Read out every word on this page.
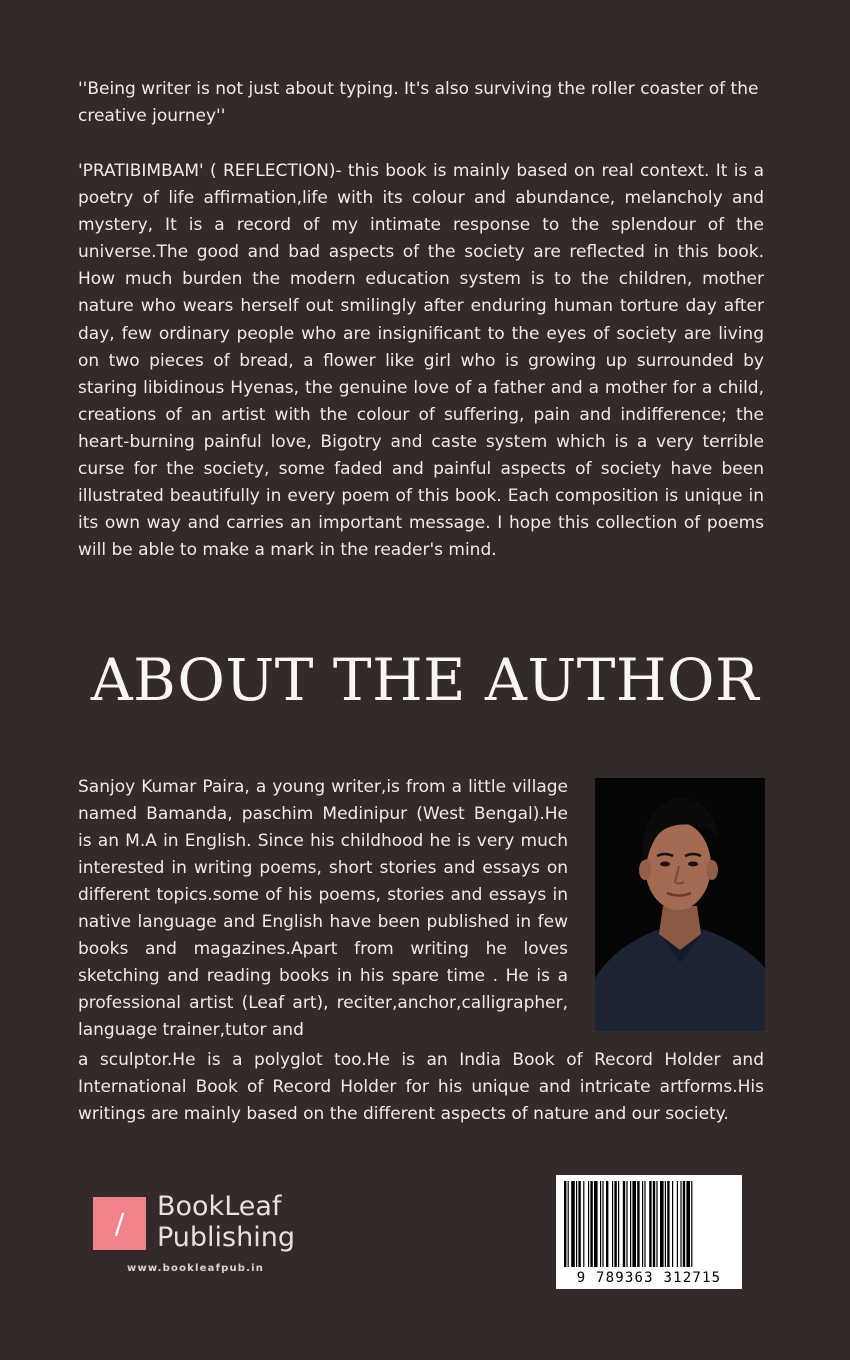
''Being writer is not just about typing. It's also surviving the roller coaster of the creative journey''

'PRATIBIMBAM' ( REFLECTION)- this book is mainly based on real context. It is a poetry of life affirmation,life with its colour and abundance, melancholy and mystery, It is a record of my intimate response to the splendour of the universe.The good and bad aspects of the society are reflected in this book. How much burden the modern education system is to the children, mother nature who wears herself out smilingly after enduring human torture day after day, few ordinary people who are insignificant to the eyes of society are living on two pieces of bread, a flower like girl who is growing up surrounded by staring libidinous Hyenas, the genuine love of a father and a mother for a child, creations of an artist with the colour of suffering, pain and indifference; the heart-burning painful love, Bigotry and caste system which is a very terrible curse for the society, some faded and painful aspects of society have been illustrated beautifully in every poem of this book. Each composition is unique in its own way and carries an important message. I hope this collection of poems will be able to make a mark in the reader's mind.

ABOUT THE AUTHOR

Sanjoy Kumar Paira, a young writer,is from a little village named Bamanda, paschim Medinipur (West Bengal).He is an M.A in English. Since his childhood he is very much interested in writing poems, short stories and essays on different topics.some of his poems, stories and essays in native language and English have been published in few books and magazines.Apart from writing he loves sketching and reading books in his spare time . He is a professional artist (Leaf art), reciter,anchor,calligrapher, language trainer,tutor and

a sculptor.He is a polyglot too.He is an India Book of Record Holder and International Book of Record Holder for his unique and intricate artforms.His writings are mainly based on the different aspects of nature and our society.

/
BookLeaf
Publishing
www.bookleafpub.in
9 789363 312715
